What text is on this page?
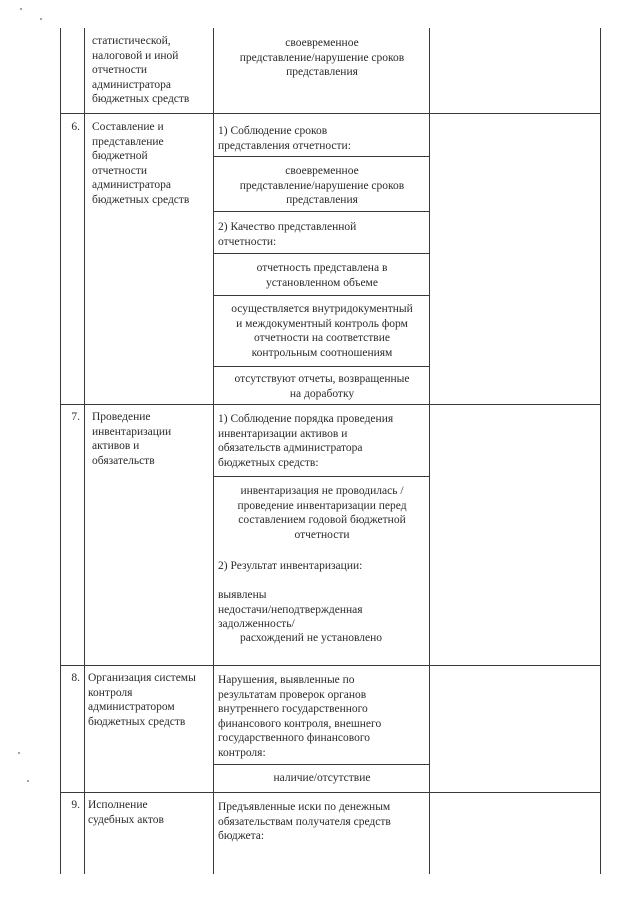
статистической,
налоговой и иной
отчетности
администратора
бюджетных средств

своевременное
представление/нарушение сроков
представления

6. Составление и
представление
бюджетной
отчетности
администратора
бюджетных средств

1) Соблюдение сроков
представления отчетности:

своевременное
представление/нарушение сроков
представления

2) Качество представленной
отчетности:

отчетность представлена в
установленном объеме

осуществляется внутридокументный
и междокументный контроль форм
отчетности на соответствие
контрольным соотношениям

отсутствуют отчеты, возвращенные
на доработку

7. Проведение
инвентаризации
активов и
обязательств

1) Соблюдение порядка проведения
инвентаризации активов и
обязательств администратора
бюджетных средств:

инвентаризация не проводилась /
проведение инвентаризации перед
составлением годовой бюджетной
отчетности

2) Результат инвентаризации:

выявлены
недостачи/неподтвержденная
задолженность/

расхождений не установлено

8. Организация системы
контроля
администратором
бюджетных средств

Нарушения, выявленные по
результатам проверок органов
внутреннего государственного
финансового контроля, внешнего
государственного финансового
контроля:

наличие/отсутствие

9. Исполнение
судебных актов

Предъявленные иски по денежным
обязательствам получателя средств
бюджета:
